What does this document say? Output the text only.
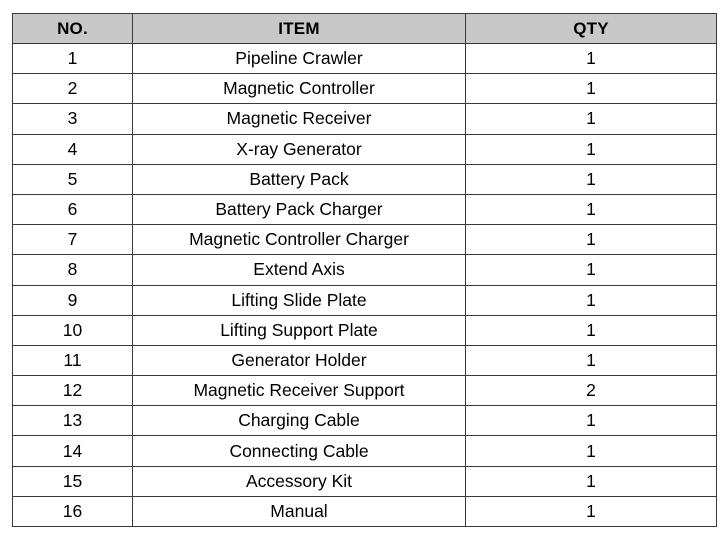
NO.	ITEM	QTY
1	Pipeline Crawler	1
2	Magnetic Controller	1
3	Magnetic Receiver	1
4	X-ray Generator	1
5	Battery Pack	1
6	Battery Pack Charger	1
7	Magnetic Controller Charger	1
8	Extend Axis	1
9	Lifting Slide Plate	1
10	Lifting Support Plate	1
11	Generator Holder	1
12	Magnetic Receiver Support	2
13	Charging Cable	1
14	Connecting Cable	1
15	Accessory Kit	1
16	Manual	1
